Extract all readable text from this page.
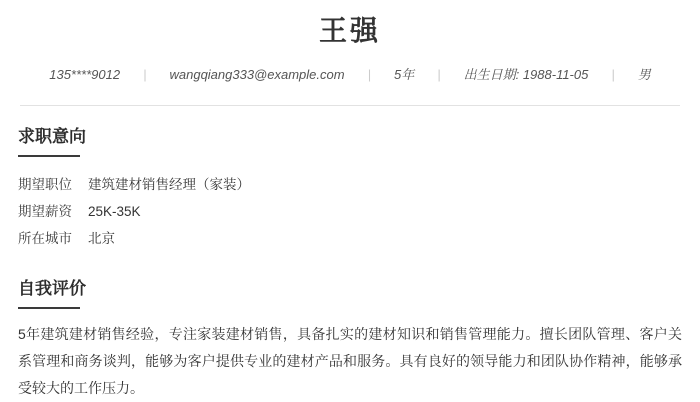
王强
135****9012 | wangqiang333@example.com | 5年 | 出生日期: 1988-11-05 | 男
求职意向
期望职位	建筑建材销售经理（家装）
期望薪资	25K-35K
所在城市	北京
自我评价

5年建筑建材销售经验，专注家装建材销售，具备扎实的建材知识和销售管理能力。擅长团队管理、客户关系管理和商务谈判，能够为客户提供专业的建材产品和服务。具有良好的领导能力和团队协作精神，能够承受较大的工作压力。
